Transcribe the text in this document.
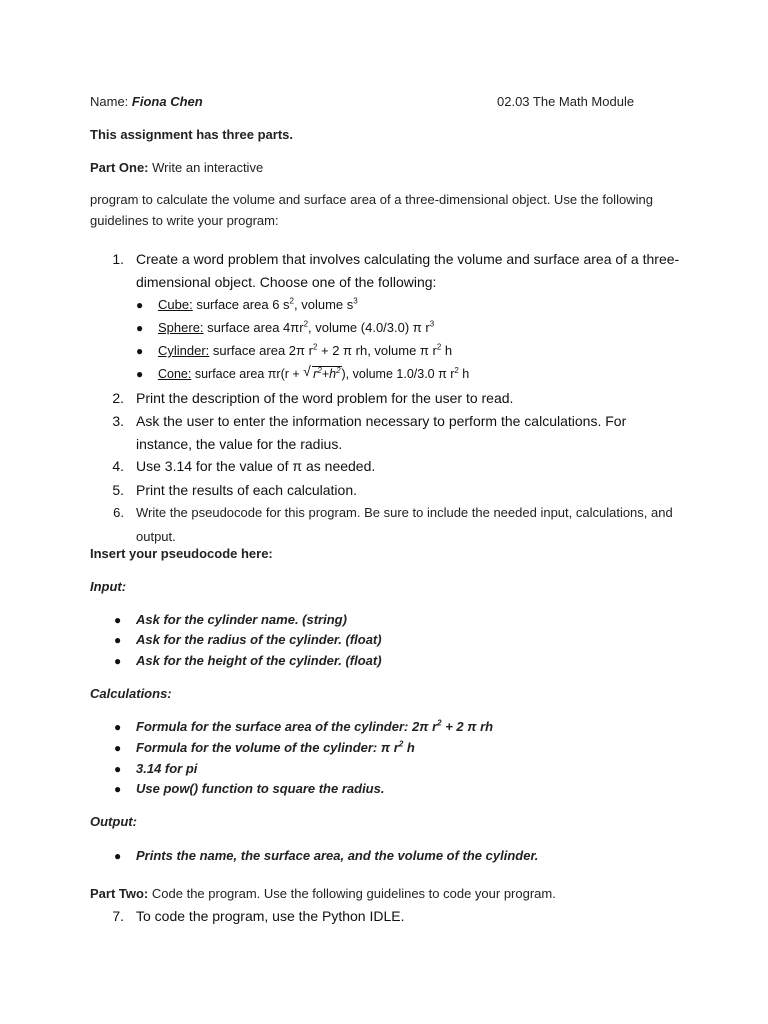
Name: Fiona Chen	02.03 The Math Module
This assignment has three parts.
Part One: Write an interactive
program to calculate the volume and surface area of a three-dimensional object. Use the following
guidelines to write your program:
1. Create a word problem that involves calculating the volume and surface area of a three-
dimensional object. Choose one of the following:
● Cube: surface area 6 $s^2$, volume $s^3$
● Sphere: surface area $4\pi r^2$, volume (4.0/3.0) π $r^3$
● Cylinder: surface area 2π $r^2 + 2$ π rh, volume π $r^2$ h
● Cone: surface area πr(r + √ $r^2+h^2$), volume 1.0/3.0 π $r^2$ h
2. Print the description of the word problem for the user to read.
3. Ask the user to enter the information necessary to perform the calculations. For
instance, the value for the radius.
4. Use 3.14 for the value of π as needed.
5. Print the results of each calculation.
6. Write the pseudocode for this program. Be sure to include the needed input, calculations, and
output.
Insert your pseudocode here:
Input:
● Ask for the cylinder name. (string)
● Ask for the radius of the cylinder. (float)
● Ask for the height of the cylinder. (float)
Calculations:
● Formula for the surface area of the cylinder: 2π $r^2 + 2$ π rh
● Formula for the volume of the cylinder: π $r^2$ h
● 3.14 for pi
● Use pow() function to square the radius.
Output:
● Prints the name, the surface area, and the volume of the cylinder.
Part Two: Code the program. Use the following guidelines to code your program.
7. To code the program, use the Python IDLE.
